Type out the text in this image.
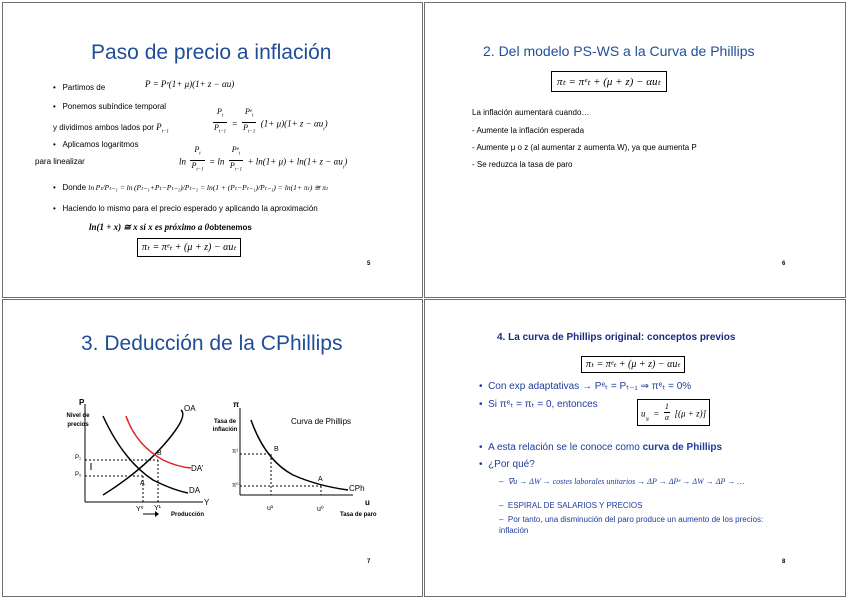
Paso de precio a inflación
•   Partimos de	P = Pᵉ(1+ μ)(1+ z − αu)
•   Ponemos subíndice temporal
y dividimos ambos lados por $P_{t-1}$	$\frac{P_t}{P_{t-1}} = \frac{Pᵉ_t}{P_{t-1}} (1+ \mu)(1+ z - \alpha u_t)$
•   Aplicamos logaritmos
para linealizar	$\ln \frac{P_t}{P_{t-1}} = \ln \frac{Pᵉ_t}{P_{t-1}} + \ln(1+ \mu) + \ln(1+ z - \alpha u_t)$
•   Donde ln Pₜ/Pₜ₋₁ = ln (Pₜ₋₁+Pₜ−Pₜ₋₁)/Pₜ₋₁ = ln(1 + (Pₜ−Pₜ₋₁)/Pₜ₋₁) = ln(1+ πₜ) ≅ πₜ
•   Haciendo lo mismo para el precio esperado y aplicando la aproximación
ln(1 + x) ≅ x si x es próximo a 0obtenemos
πₜ = πᵉₜ + (μ + z) − αuₜ
5
2. Del modelo PS-WS a la Curva de Phillips
πₜ = πᵉₜ + (μ + z) − αuₜ
La inflación aumentará cuando…
- Aumente la inflación esperada
- Aumente μ o z (al aumentar z aumenta W), ya que aumenta P
- Se reduzca la tasa de paro
6
3. Deducción de la CPhillips
Nivel de precios
P
OA
DA’
DA
A
B
P₁
P₀
Y
Y⁰ Y¹
Producción
π
Tasa de inflación
Curva de Phillips
π¹
π⁰
B
A
CPh
u
u¹	u⁰
Tasa de paro
7
4. La curva de Phillips original: conceptos previos
πₜ = πᵉₜ + (μ + z) − αuₜ
•  Con exp adaptativas → Pᵉₜ = Pₜ₋₁ ⇒ πᵉₜ = 0%
•  Si πᵉₜ = πₜ = 0, entonces
$u_N = \frac{1}{\alpha} [(\mu + z)]$
•  A esta relación se le conoce como curva de Phillips
•  ¿Por qué?
–  ∇u → ΔW → costes laborales unitarios → ΔP → ΔPᵉ → ΔW → ΔP → …
–  ESPIRAL DE SALARIOS Y PRECIOS
–  Por tanto, una disminución del paro produce un aumento de los precios: inflación
8
